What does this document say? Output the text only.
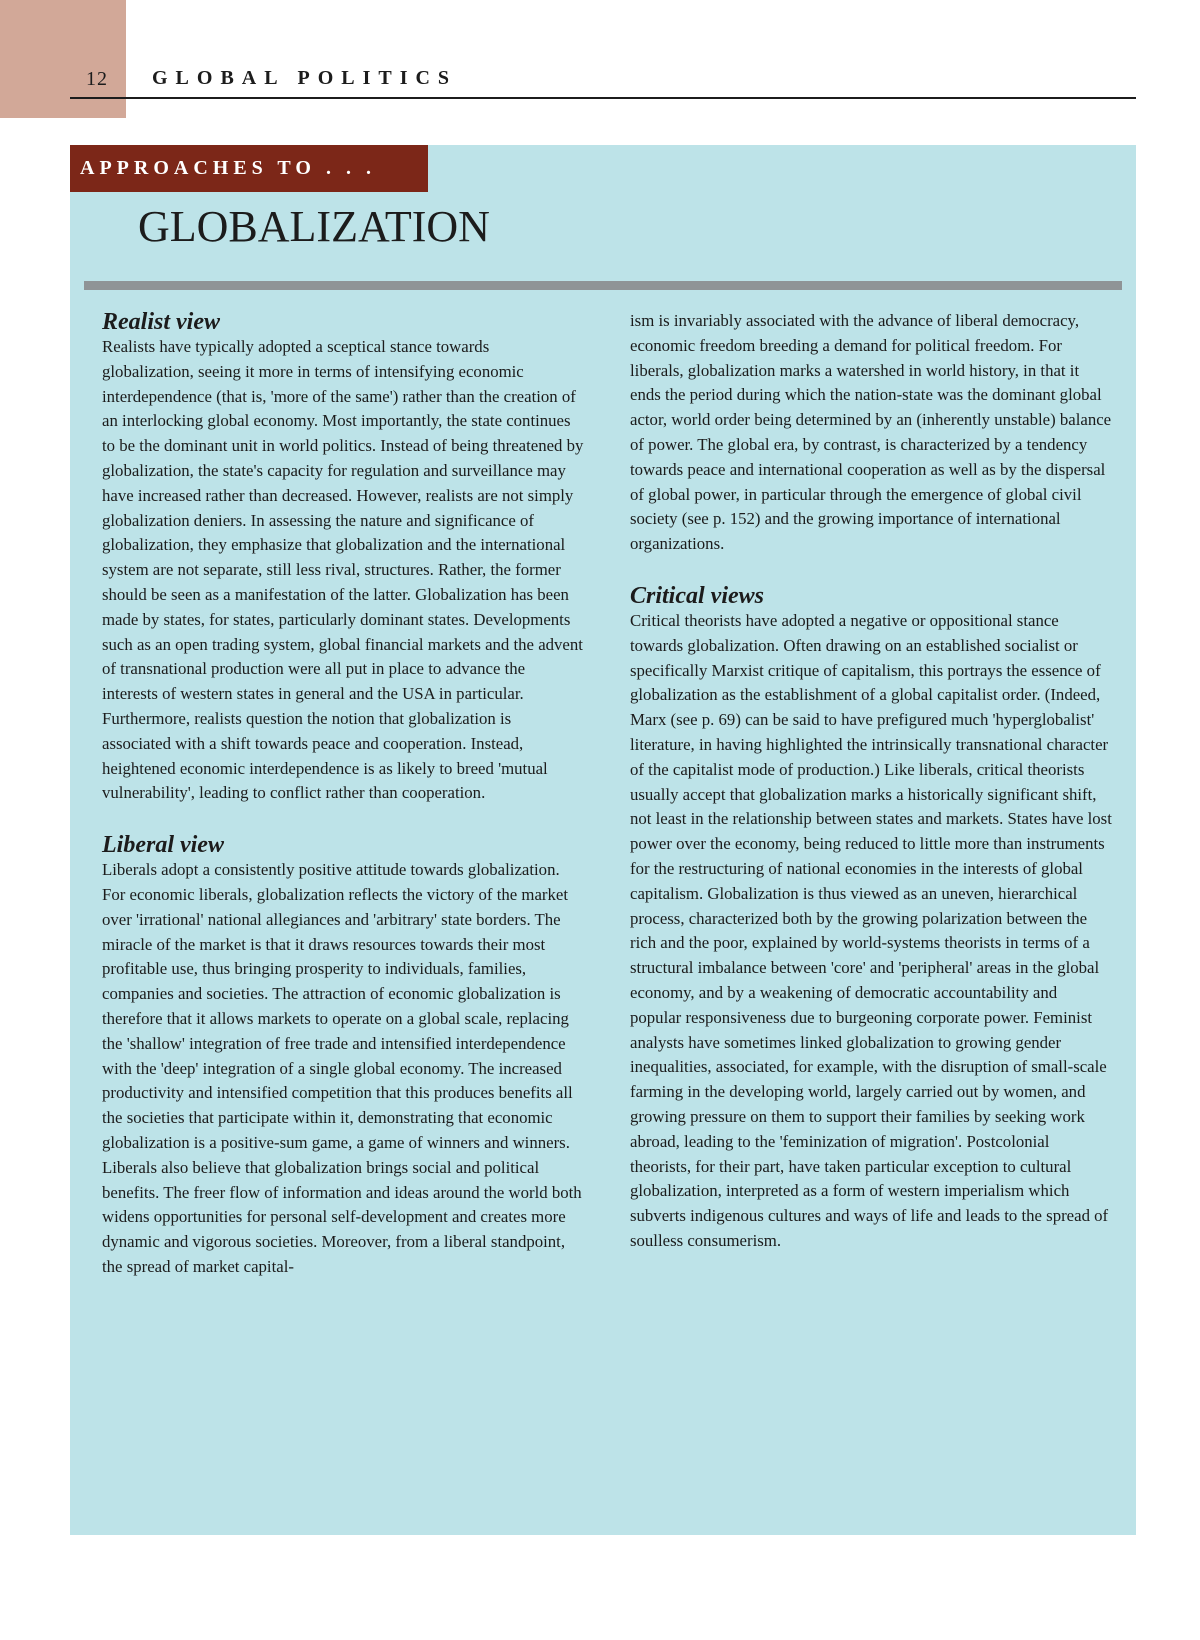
12 GLOBAL POLITICS
APPROACHES TO . . .
GLOBALIZATION
Realist view

Realists have typically adopted a sceptical stance towards globalization, seeing it more in terms of intensifying economic interdependence (that is, 'more of the same') rather than the creation of an interlocking global economy. Most importantly, the state continues to be the dominant unit in world politics. Instead of being threatened by globalization, the state's capacity for regulation and surveillance may have increased rather than decreased. However, realists are not simply globalization deniers. In assessing the nature and significance of globalization, they emphasize that globalization and the international system are not separate, still less rival, structures. Rather, the former should be seen as a manifestation of the latter. Globalization has been made by states, for states, particularly dominant states. Developments such as an open trading system, global financial markets and the advent of transnational production were all put in place to advance the interests of western states in general and the USA in particular. Furthermore, realists question the notion that globalization is associated with a shift towards peace and cooperation. Instead, heightened economic interdependence is as likely to breed 'mutual vulnerability', leading to conflict rather than cooperation.

Liberal view

Liberals adopt a consistently positive attitude towards globalization. For economic liberals, globalization reflects the victory of the market over 'irrational' national allegiances and 'arbitrary' state borders. The miracle of the market is that it draws resources towards their most profitable use, thus bringing prosperity to individuals, families, companies and societies. The attraction of economic globalization is therefore that it allows markets to operate on a global scale, replacing the 'shallow' integration of free trade and intensified interdependence with the 'deep' integration of a single global economy. The increased productivity and intensified competition that this produces benefits all the societies that participate within it, demonstrating that economic globalization is a positive-sum game, a game of winners and winners. Liberals also believe that globalization brings social and political benefits. The freer flow of information and ideas around the world both widens opportunities for personal self-development and creates more dynamic and vigorous societies. Moreover, from a liberal standpoint, the spread of market capital-

ism is invariably associated with the advance of liberal democracy, economic freedom breeding a demand for political freedom. For liberals, globalization marks a watershed in world history, in that it ends the period during which the nation-state was the dominant global actor, world order being determined by an (inherently unstable) balance of power. The global era, by contrast, is characterized by a tendency towards peace and international cooperation as well as by the dispersal of global power, in particular through the emergence of global civil society (see p. 152) and the growing importance of international organizations.

Critical views

Critical theorists have adopted a negative or oppositional stance towards globalization. Often drawing on an established socialist or specifically Marxist critique of capitalism, this portrays the essence of globalization as the establishment of a global capitalist order. (Indeed, Marx (see p. 69) can be said to have prefigured much 'hyperglobalist' literature, in having highlighted the intrinsically transnational character of the capitalist mode of production.) Like liberals, critical theorists usually accept that globalization marks a historically significant shift, not least in the relationship between states and markets. States have lost power over the economy, being reduced to little more than instruments for the restructuring of national economies in the interests of global capitalism. Globalization is thus viewed as an uneven, hierarchical process, characterized both by the growing polarization between the rich and the poor, explained by world-systems theorists in terms of a structural imbalance between 'core' and 'peripheral' areas in the global economy, and by a weakening of democratic accountability and popular responsiveness due to burgeoning corporate power. Feminist analysts have sometimes linked globalization to growing gender inequalities, associated, for example, with the disruption of small-scale farming in the developing world, largely carried out by women, and growing pressure on them to support their families by seeking work abroad, leading to the 'feminization of migration'. Postcolonial theorists, for their part, have taken particular exception to cultural globalization, interpreted as a form of western imperialism which subverts indigenous cultures and ways of life and leads to the spread of soulless consumerism.
